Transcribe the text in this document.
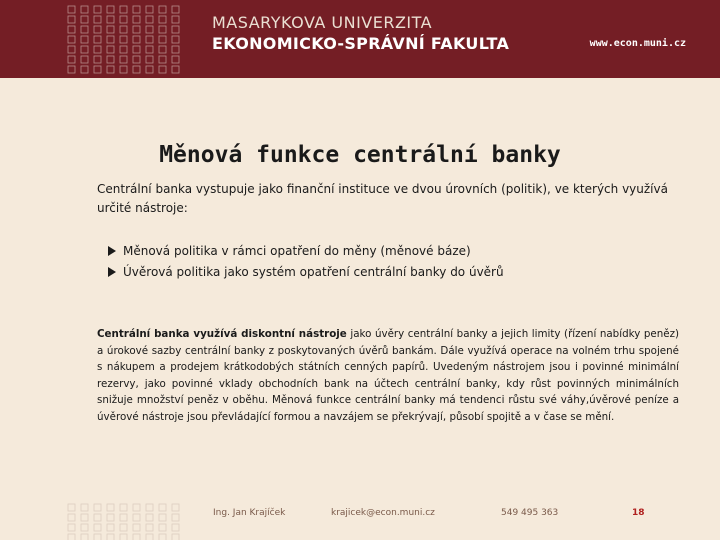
MASARYKOVA UNIVERZITA
EKONOMICKO-SPRÁVNÍ FAKULTA	www.econ.muni.cz
Měnová funkce centrální banky
Centrální banka vystupuje jako finanční instituce ve dvou úrovních (politik), ve kterých využívá určité nástroje:
Měnová politika v rámci opatření do měny (měnové báze)
Úvěrová politika jako systém opatření centrální banky do úvěrů
Centrální banka využívá diskontní nástroje jako úvěry centrální banky a jejich limity (řízení nabídky peněz) a úrokové sazby centrální banky z poskytovaných úvěrů bankám. Dále využívá operace na volném trhu spojené s nákupem a prodejem krátkodobých státních cenných papírů. Uvedeným nástrojem jsou i povinné minimální rezervy, jako povinné vklady obchodních bank na účtech centrální banky, kdy růst povinných minimálních snižuje množství peněz v oběhu. Měnová funkce centrální banky má tendenci růstu své váhy,úvěrové peníze a úvěrové nástroje jsou převládající formou a navzájem se překrývají, působí spojitě a v čase se mění.
Ing. Jan Krajíček	krajicek@econ.muni.cz	549 495 363	18
